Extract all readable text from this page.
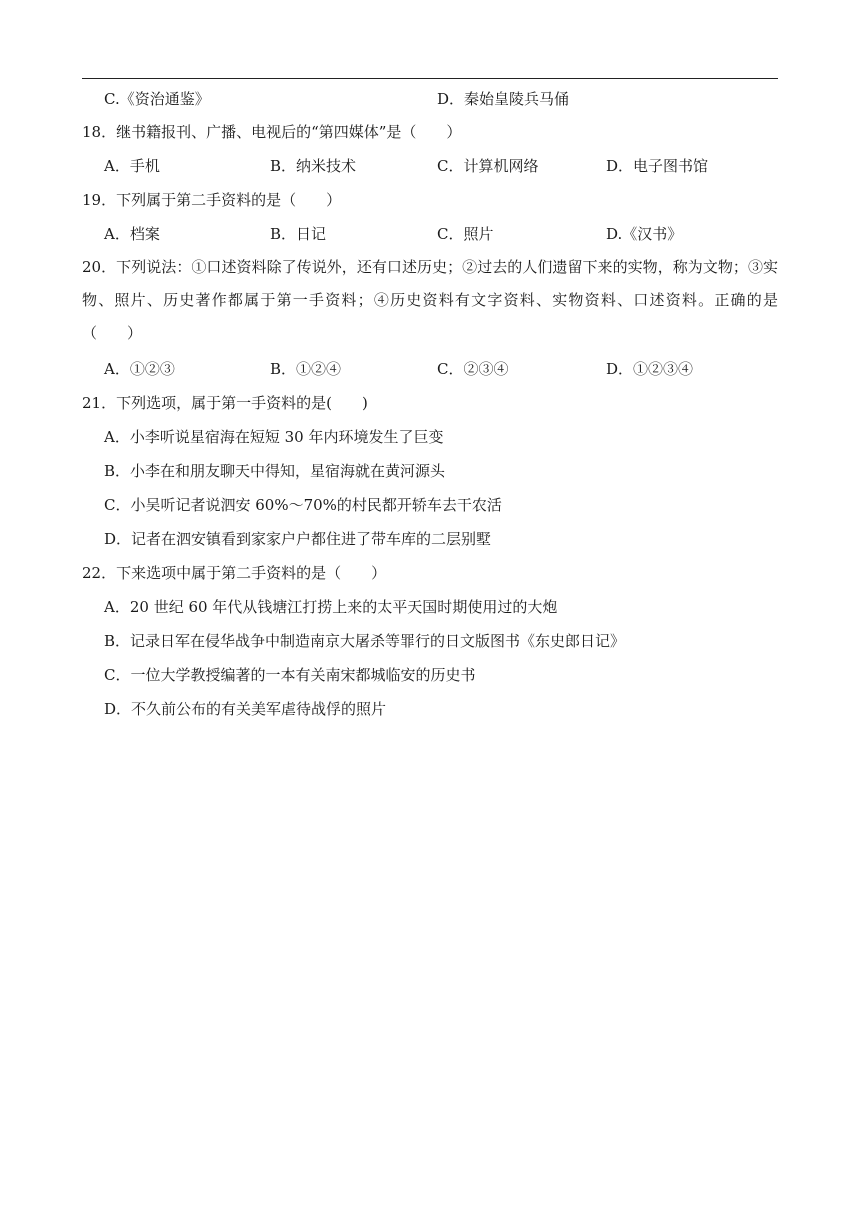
C.《资治通鉴》	D．秦始皇陵兵马俑
18．继书籍报刊、广播、电视后的“第四媒体”是（　　）
A．手机	B．纳米技术	C．计算机网络	D．电子图书馆
19．下列属于第二手资料的是（　　）
A．档案	B．日记	C．照片	D.《汉书》
20．下列说法：①口述资料除了传说外，还有口述历史；②过去的人们遗留下来的实物，称为文物；③实物、照片、历史著作都属于第一手资料；④历史资料有文字资料、实物资料、口述资料。正确的是（　　）
A．①②③	B．①②④	C．②③④	D．①②③④
21．下列选项，属于第一手资料的是(　　)
A．小李听说星宿海在短短 30 年内环境发生了巨变
B．小李在和朋友聊天中得知，星宿海就在黄河源头
C．小吴听记者说泗安 60%～70%的村民都开轿车去干农活
D．记者在泗安镇看到家家户户都住进了带车库的二层别墅
22．下来选项中属于第二手资料的是（　　）
A．20 世纪 60 年代从钱塘江打捞上来的太平天国时期使用过的大炮
B．记录日军在侵华战争中制造南京大屠杀等罪行的日文版图书《东史郎日记》
C．一位大学教授编著的一本有关南宋都城临安的历史书
D．不久前公布的有关美军虐待战俘的照片
